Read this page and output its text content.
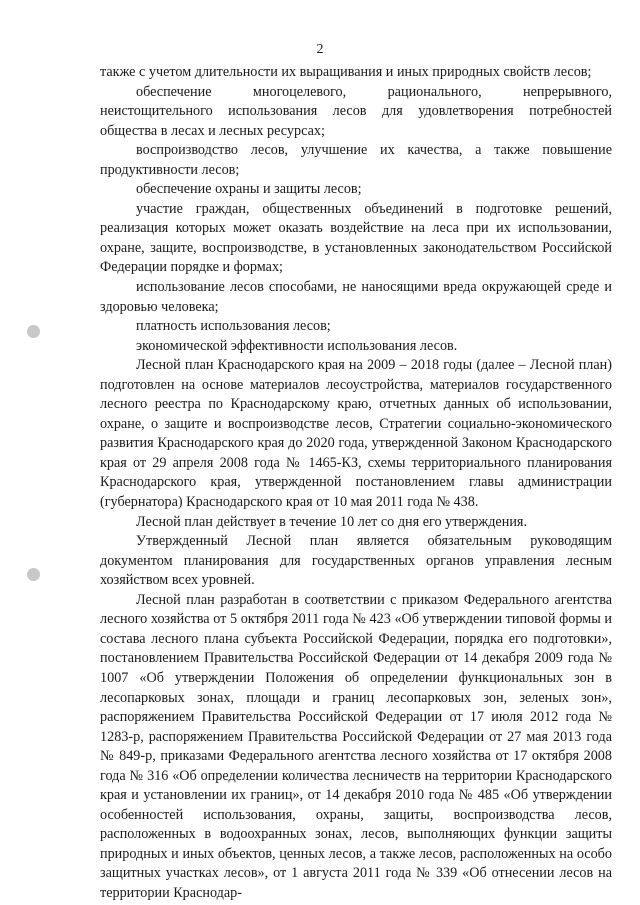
2

также с учетом длительности их выращивания и иных природных свойств лесов;

обеспечение многоцелевого, рационального, непрерывного, неистощительного использования лесов для удовлетворения потребностей общества в лесах и лесных ресурсах;

воспроизводство лесов, улучшение их качества, а также повышение продуктивности лесов;

обеспечение охраны и защиты лесов;

участие граждан, общественных объединений в подготовке решений, реализация которых может оказать воздействие на леса при их использовании, охране, защите, воспроизводстве, в установленных законодательством Российской Федерации порядке и формах;

использование лесов способами, не наносящими вреда окружающей среде и здоровью человека;

платность использования лесов;

экономической эффективности использования лесов.

Лесной план Краснодарского края на 2009 – 2018 годы (далее – Лесной план) подготовлен на основе материалов лесоустройства, материалов государственного лесного реестра по Краснодарскому краю, отчетных данных об использовании, охране, о защите и воспроизводстве лесов, Стратегии социально-экономического развития Краснодарского края до 2020 года, утвержденной Законом Краснодарского края от 29 апреля 2008 года № 1465-КЗ, схемы территориального планирования Краснодарского края, утвержденной постановлением главы администрации (губернатора) Краснодарского края от 10 мая 2011 года № 438.

Лесной план действует в течение 10 лет со дня его утверждения.

Утвержденный Лесной план является обязательным руководящим документом планирования для государственных органов управления лесным хозяйством всех уровней.

Лесной план разработан в соответствии с приказом Федерального агентства лесного хозяйства от 5 октября 2011 года № 423 «Об утверждении типовой формы и состава лесного плана субъекта Российской Федерации, порядка его подготовки», постановлением Правительства Российской Федерации от 14 декабря 2009 года № 1007 «Об утверждении Положения об определении функциональных зон в лесопарковых зонах, площади и границ лесопарковых зон, зеленых зон», распоряжением Правительства Российской Федерации от 17 июля 2012 года № 1283-р, распоряжением Правительства Российской Федерации от 27 мая 2013 года № 849-р, приказами Федерального агентства лесного хозяйства от 17 октября 2008 года № 316 «Об определении количества лесничеств на территории Краснодарского края и установлении их границ», от 14 декабря 2010 года № 485 «Об утверждении особенностей использования, охраны, защиты, воспроизводства лесов, расположенных в водоохранных зонах, лесов, выполняющих функции защиты природных и иных объектов, ценных лесов, а также лесов, расположенных на особо защитных участках лесов», от 1 августа 2011 года № 339 «Об отнесении лесов на территории Краснодар-
